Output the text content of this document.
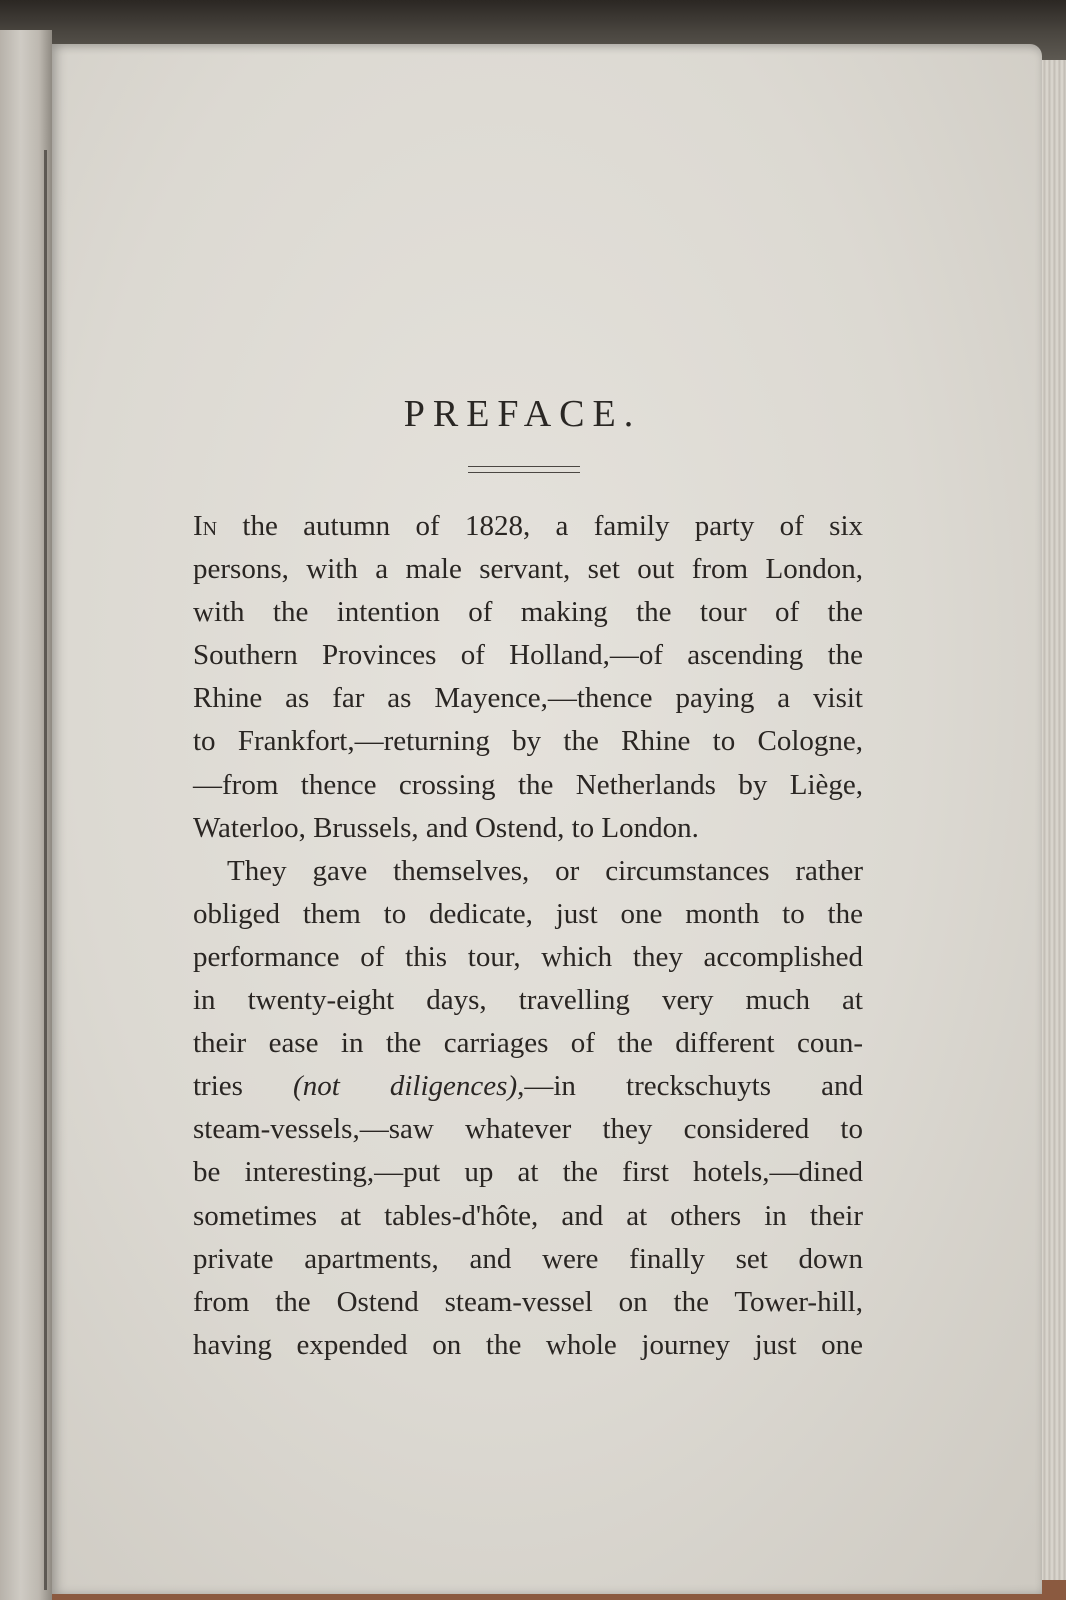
PREFACE.

In the autumn of 1828, a family party of six

persons, with a male servant, set out from London,

with the intention of making the tour of the

Southern Provinces of Holland,—of ascending the

Rhine as far as Mayence,—thence paying a visit

to Frankfort,—returning by the Rhine to Cologne,

—from thence crossing the Netherlands by Liège,

Waterloo, Brussels, and Ostend, to London.

They gave themselves, or circumstances rather

obliged them to dedicate, just one month to the

performance of this tour, which they accomplished

in twenty-eight days, travelling very much at

their ease in the carriages of the different coun-

tries (not diligences),—in treckschuyts and

steam-vessels,—saw whatever they considered to

be interesting,—put up at the first hotels,—dined

sometimes at tables-d'hôte, and at others in their

private apartments, and were finally set down

from the Ostend steam-vessel on the Tower-hill,

having expended on the whole journey just one
